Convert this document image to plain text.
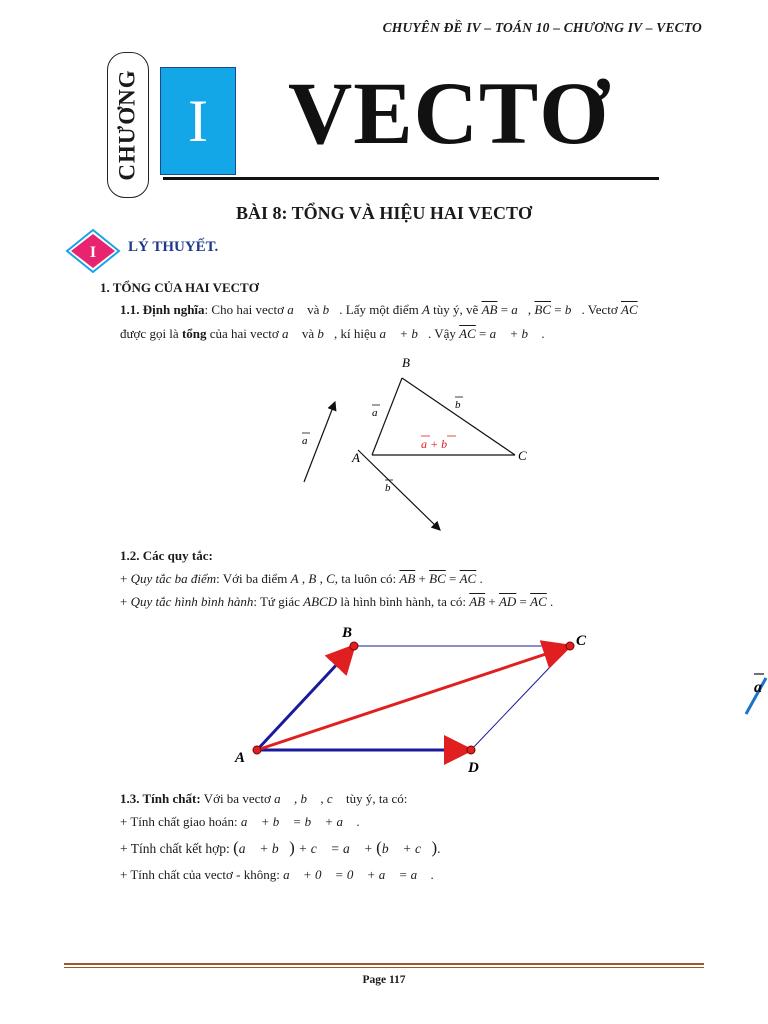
CHUYÊN ĐỀ IV – TOÁN 10 – CHƯƠNG IV – VECTO
CHƯƠNG I VECTƠ
BÀI 8: TỔNG VÀ HIỆU HAI VECTƠ
I LÝ THUYẾT.
1. TỔNG CỦA HAI VECTƠ
1.1. Định nghĩa: Cho hai vectơ a⃗ và b⃗. Lấy một điểm A tùy ý, vẽ $\overline{AB}$ = a⃗, $\overline{BC}$ = b⃗. Vectơ $\overline{AC}$
được gọi là tổng của hai vectơ a⃗ và b⃗, kí hiệu a⃗ + b⃗. Vậy $\overline{AC}$ = a⃗ + b⃗ .
B
A	C
a
b
a
b
a + b
1.2. Các quy tắc:
+ Quy tắc ba điểm: Với ba điểm A , B , C, ta luôn có: $\overline{AB} + \overline{BC} = \overline{AC}$ .
+ Quy tắc hình bình hành: Tứ giác ABCD là hình bình hành, ta có: $\overline{AB} + \overline{AD} = \overline{AC}$ .
A
B	C
D
1.3. Tính chất: Với ba vectơ a⃗ , b⃗ , c⃗ tùy ý, ta có:
+ Tính chất giao hoán: a⃗ + b⃗ = b⃗ + a⃗ .
+ Tính chất kết hợp: (a⃗ + b⃗) + c⃗ = a⃗ + (b⃗ + c⃗).
+ Tính chất của vectơ - không: a⃗ + 0⃗ = 0⃗ + a⃗ = a⃗ .
a
Page 117
